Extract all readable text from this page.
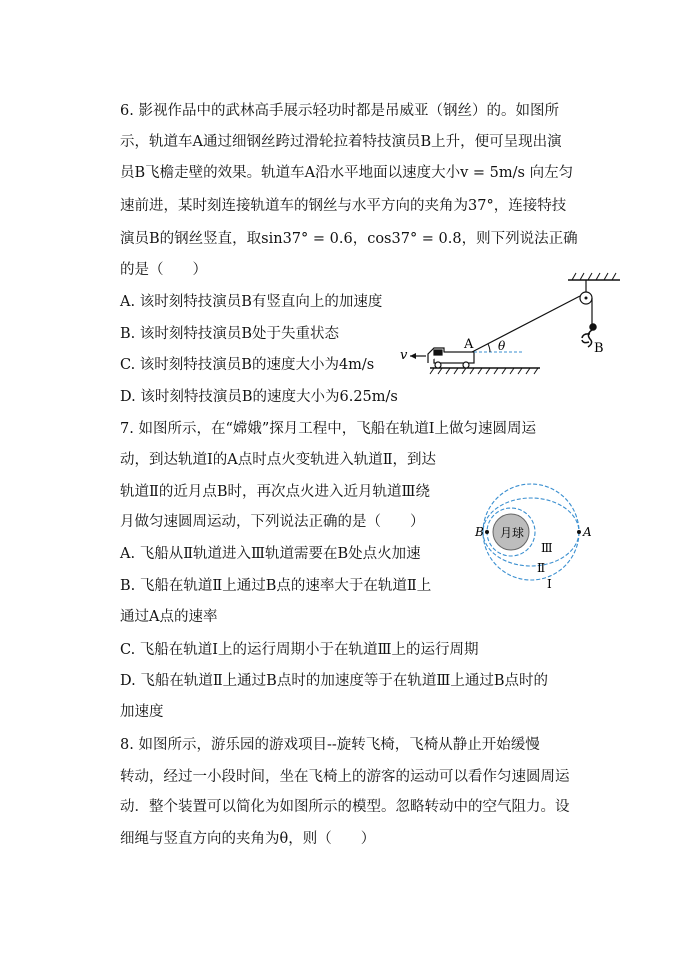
6. 影视作品中的武林高手展示轻功时都是吊威亚（钢丝）的。如图所
示，轨道车A通过细钢丝跨过滑轮拉着特技演员B上升，便可呈现出演
员B飞檐走壁的效果。轨道车A沿水平地面以速度大小v = 5m/s 向左匀
速前进，某时刻连接轨道车的钢丝与水平方向的夹角为37°，连接特技
演员B的钢丝竖直，取sin37° = 0.6，cos37° = 0.8，则下列说法正确
的是（　　）
A. 该时刻特技演员B有竖直向上的加速度
B. 该时刻特技演员B处于失重状态
C. 该时刻特技演员B的速度大小为4m/s
D. 该时刻特技演员B的速度大小为6.25m/s
B
A
v
θ
7. 如图所示，在“嫦娥”探月工程中，飞船在轨道Ⅰ上做匀速圆周运
动，到达轨道Ⅰ的A点时点火变轨进入轨道Ⅱ，到达
轨道Ⅱ的近月点B时，再次点火进入近月轨道Ⅲ绕
月做匀速圆周运动，下列说法正确的是（　　）
A. 飞船从Ⅱ轨道进入Ⅲ轨道需要在B处点火加速
B. 飞船在轨道Ⅱ上通过B点的速率大于在轨道Ⅱ上
通过A点的速率
C. 飞船在轨道Ⅰ上的运行周期小于在轨道Ⅲ上的运行周期
D. 飞船在轨道Ⅱ上通过B点时的加速度等于在轨道Ⅲ上通过B点时的
加速度
月球
B	A
Ⅲ
Ⅱ
Ⅰ
8. 如图所示，游乐园的游戏项目--旋转飞椅，飞椅从静止开始缓慢
转动，经过一小段时间，坐在飞椅上的游客的运动可以看作匀速圆周运
动．整个装置可以简化为如图所示的模型。忽略转动中的空气阻力。设
细绳与竖直方向的夹角为θ，则（　　）
